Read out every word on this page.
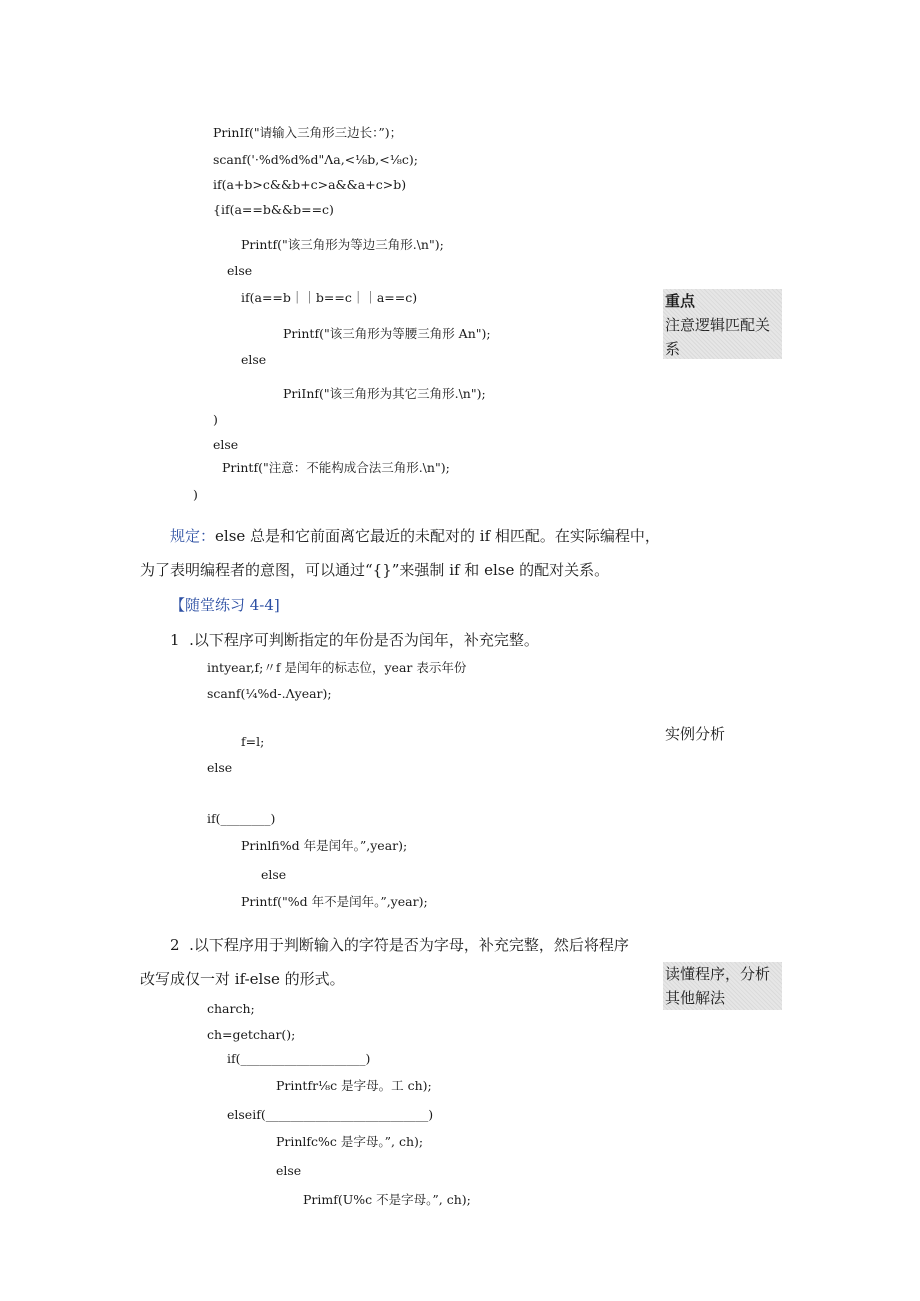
PrinIf("请输入三角形三边长：”)；
scanf('·%d%d%d"Λa,<⅛b,<⅛c);
if(a+b>c&&b+c>a&&a+c>b)
{if(a==b&&b==c)
Printf("该三角形为等边三角形.\n");
else
if(a==b｜｜b==c｜｜a==c)
Printf("该三角形为等腰三角形 An");
else
PriInf("该三角形为其它三角形.\n");
)
else
Printf("注意：不能构成合法三角形.\n");
)
规定：else 总是和它前面离它最近的未配对的 if 相匹配。在实际编程中，
为了表明编程者的意图，可以通过“{}”来强制 if 和 else 的配对关系。
【随堂练习 4-4]
1  .以下程序可判断指定的年份是否为闰年，补充完整。
intyear,f;〃f 是闰年的标志位，year 表示年份
scanf(¼%d-.Λyear);
f=l;
else
if(________)
Prinlfi%d 年是闰年。”,year);
else
Printf("%d 年不是闰年。”,year);
2  .以下程序用于判断输入的字符是否为字母，补充完整，然后将程序
改写成仅一对 if-else 的形式。
charch;
ch=getchar();
if(____________________)
Printfr⅛c 是字母。工 ch);
elseif(__________________________)
Prinlfc%c 是字母。”, ch);
else
Primf(U%c 不是字母。”, ch);
重点
注意逻辑匹配关
系
实例分析
读懂程序，分析
其他解法
